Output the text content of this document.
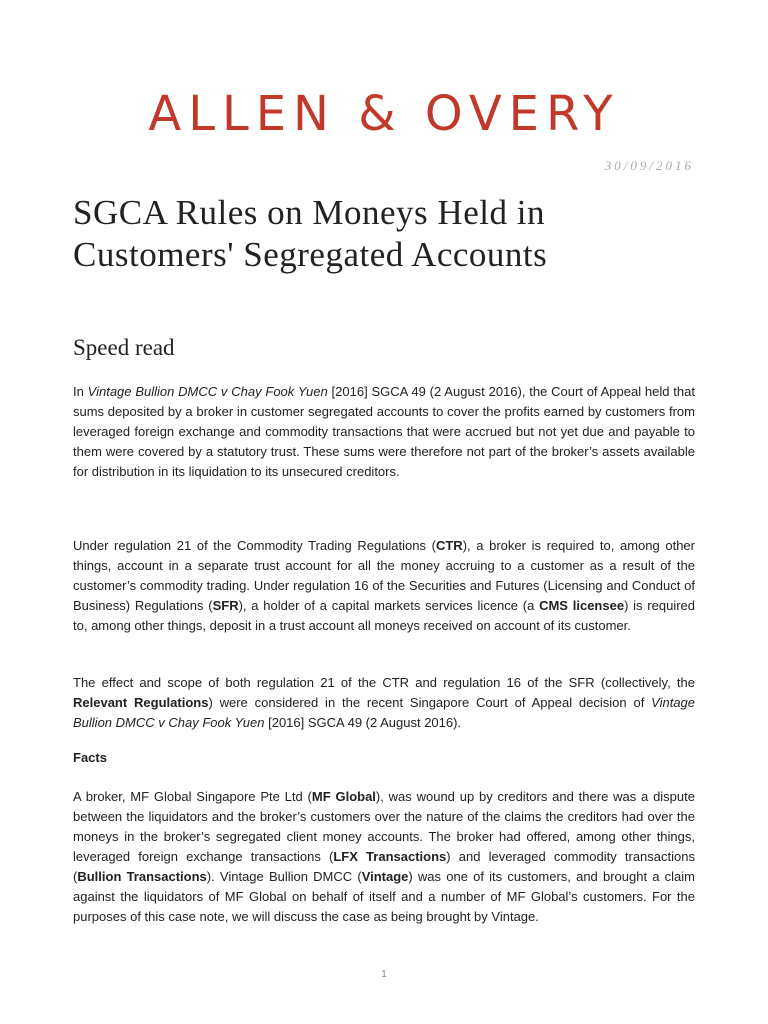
ALLEN & OVERY
30/09/2016
SGCA Rules on Moneys Held in Customers' Segregated Accounts
Speed read

In Vintage Bullion DMCC v Chay Fook Yuen [2016] SGCA 49 (2 August 2016), the Court of Appeal held that sums deposited by a broker in customer segregated accounts to cover the profits earned by customers from leveraged foreign exchange and commodity transactions that were accrued but not yet due and payable to them were covered by a statutory trust. These sums were therefore not part of the broker’s assets available for distribution in its liquidation to its unsecured creditors.

Under regulation 21 of the Commodity Trading Regulations (CTR), a broker is required to, among other things, account in a separate trust account for all the money accruing to a customer as a result of the customer’s commodity trading. Under regulation 16 of the Securities and Futures (Licensing and Conduct of Business) Regulations (SFR), a holder of a capital markets services licence (a CMS licensee) is required to, among other things, deposit in a trust account all moneys received on account of its customer.

The effect and scope of both regulation 21 of the CTR and regulation 16 of the SFR (collectively, the Relevant Regulations) were considered in the recent Singapore Court of Appeal decision of Vintage Bullion DMCC v Chay Fook Yuen [2016] SGCA 49 (2 August 2016).

Facts

A broker, MF Global Singapore Pte Ltd (MF Global), was wound up by creditors and there was a dispute between the liquidators and the broker’s customers over the nature of the claims the creditors had over the moneys in the broker’s segregated client money accounts. The broker had offered, among other things, leveraged foreign exchange transactions (LFX Transactions) and leveraged commodity transactions (Bullion Transactions). Vintage Bullion DMCC (Vintage) was one of its customers, and brought a claim against the liquidators of MF Global on behalf of itself and a number of MF Global’s customers. For the purposes of this case note, we will discuss the case as being brought by Vintage.

1
